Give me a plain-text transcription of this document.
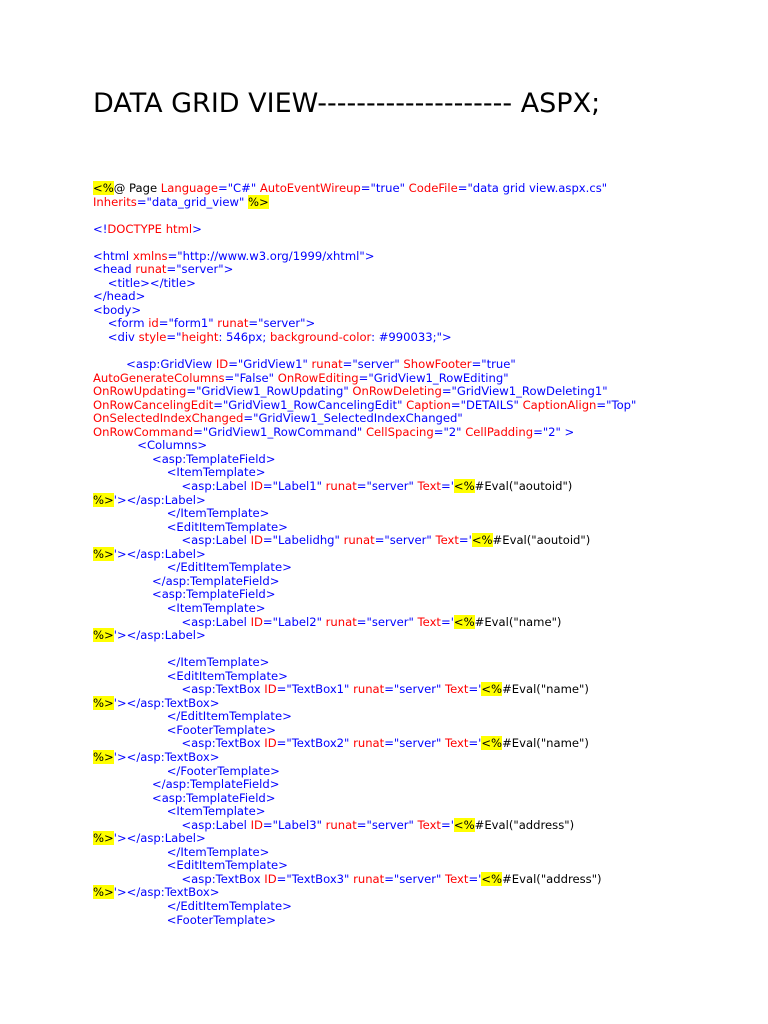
DATA GRID VIEW-------------------- ASPX;
<%@ Page Language="C#" AutoEventWireup="true" CodeFile="data grid view.aspx.cs"
Inherits="data_grid_view" %>
<!DOCTYPE html>
<html xmlns="http://www.w3.org/1999/xhtml">
<head runat="server">
<title></title>
</head>
<body>
<form id="form1" runat="server">
<div style="height: 546px; background-color: #990033;">
<asp:GridView ID="GridView1" runat="server" ShowFooter="true"
AutoGenerateColumns="False" OnRowEditing="GridView1_RowEditing"
OnRowUpdating="GridView1_RowUpdating" OnRowDeleting="GridView1_RowDeleting1"
OnRowCancelingEdit="GridView1_RowCancelingEdit" Caption="DETAILS" CaptionAlign="Top"
OnSelectedIndexChanged="GridView1_SelectedIndexChanged"
OnRowCommand="GridView1_RowCommand" CellSpacing="2" CellPadding="2" >
<Columns>
<asp:TemplateField>
<ItemTemplate>
<asp:Label ID="Label1" runat="server" Text='<%#Eval("aoutoid")
%>'></asp:Label>
</ItemTemplate>
<EditItemTemplate>
<asp:Label ID="Labelidhg" runat="server" Text='<%#Eval("aoutoid")
%>'></asp:Label>
</EditItemTemplate>
</asp:TemplateField>
<asp:TemplateField>
<ItemTemplate>
<asp:Label ID="Label2" runat="server" Text='<%#Eval("name")
%>'></asp:Label>
</ItemTemplate>
<EditItemTemplate>
<asp:TextBox ID="TextBox1" runat="server" Text='<%#Eval("name")
%>'></asp:TextBox>
</EditItemTemplate>
<FooterTemplate>
<asp:TextBox ID="TextBox2" runat="server" Text='<%#Eval("name")
%>'></asp:TextBox>
</FooterTemplate>
</asp:TemplateField>
<asp:TemplateField>
<ItemTemplate>
<asp:Label ID="Label3" runat="server" Text='<%#Eval("address")
%>'></asp:Label>
</ItemTemplate>
<EditItemTemplate>
<asp:TextBox ID="TextBox3" runat="server" Text='<%#Eval("address")
%>'></asp:TextBox>
</EditItemTemplate>
<FooterTemplate>
